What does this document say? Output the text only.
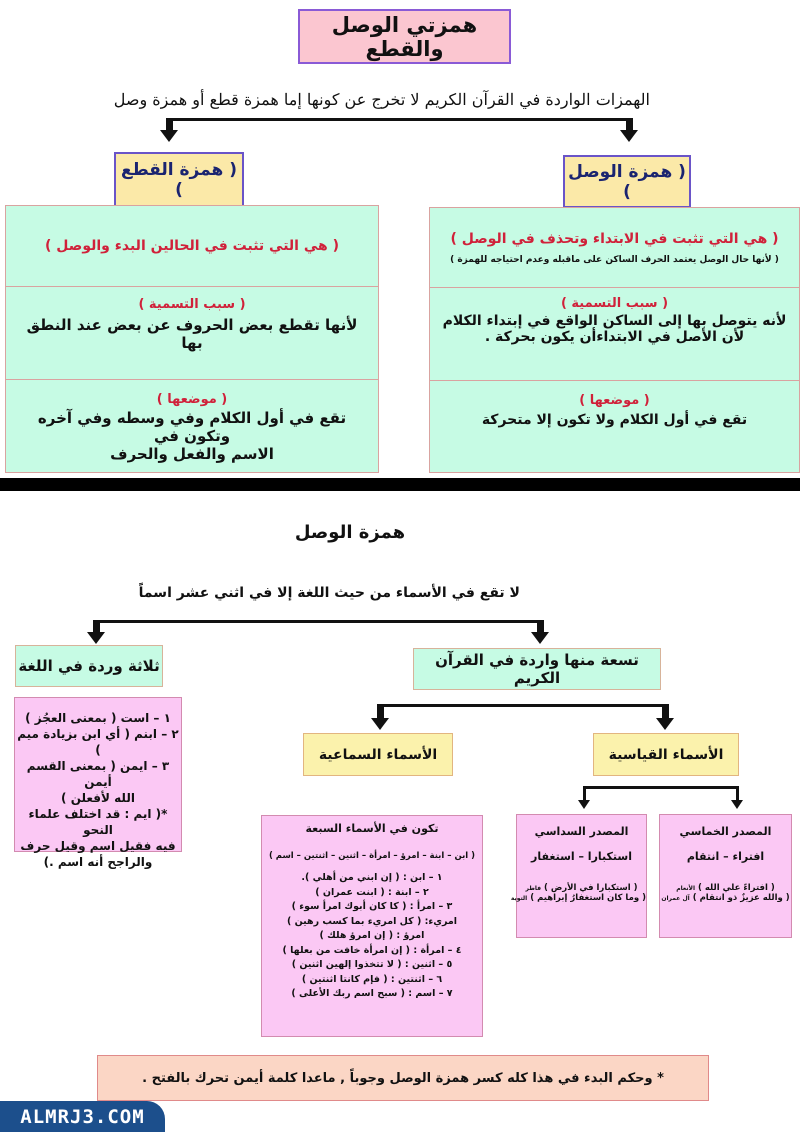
همزتي الوصل والقطع
الهمزات الواردة في القرآن الكريم لا تخرج عن كونها إما همزة قطع أو همزة وصل
( همزة القطع )
( همزة الوصل )
( هي التي تثبت في الحالين البدء والوصل )
( سبب التسمية )
لأنها تقطع بعض الحروف عن بعض عند النطق بها
( موضعها )
تقع في أول الكلام وفي وسطه وفي آخره وتكون في
الاسم والفعل والحرف
( هي التي تثبت في الابتداء وتحذف في الوصل )
( لأنها حال الوصل يعتمد الحرف الساكن على ماقبله وعدم احتياجه للهمزة )
( سبب التسمية )
لأنه يتوصل بها إلى الساكن الواقع في إبتداء الكلام
لأن الأصل في الابتداءأن يكون بحركة .
( موضعها )
تقع في أول الكلام ولا تكون إلا متحركة
همزة الوصل
لا تقع في الأسماء من حيث اللغة إلا في اثني عشر اسماً
ثلاثة وردة في اللغة	تسعة منها واردة في القرآن الكريم
١ – است ( بمعنى العجُز )
٢ – ابنم ( أي ابن بزيادة ميم )
٣ – ايمن ( بمعنى القسم أيمن
الله لأفعلن )
*( ايم : قد اختلف علماء النحو
فيه فقيل اسم وقيل حرف
والراجح أنه اسم .)
الأسماء السماعية	الأسماء القياسية
تكون في الأسماء السبعة
( ابن – ابنة – امرؤ – امرأة – اثنين – اثنتين – اسم )
١ – ابن : ( إن ابني من أهلي ).
٢ – ابنة : ( ابنت عمران )
٣ – امرأ : ( كا كان أبوك امرأ سوء )
امريء: ( كل امريء بما كسب رهين )
امرؤ : ( إن امرؤ هلك )
٤ – امرأة : ( إن امرأة خافت من بعلها )
٥ – اثنين : ( لا تتخذوا إلهين اثنين )
٦ – اثنتين : ( فإم كانتا اثنتين )
٧ – اسم : ( سبح اسم ربك الأعلى )
المصدر السداسي
استكبارا – استغفار
( استكبارا في الأرض ) فاطر
( وما كان استغفارُ إبراهيم ) التوبة
المصدر الخماسي
افتراء – انتقام
( افتراءً علي الله ) الأنعام
( والله عزيزٌ ذو انتقام ) آل عمران
* وحكم البدء في هذا كله كسر همزة الوصل وجوباً , ماعدا كلمة أيمن تحرك بالفتح .
ALMRJ3.COM
